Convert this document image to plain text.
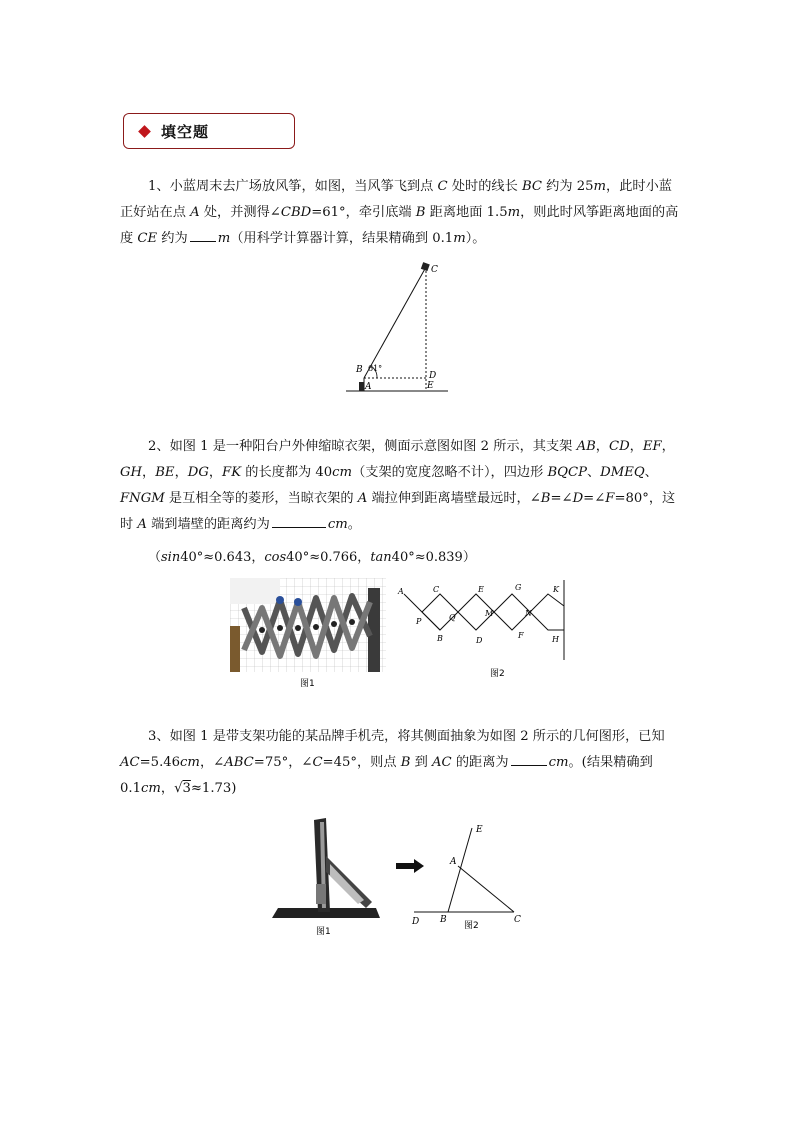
填空题

1、小蓝周末去广场放风筝，如图，当风筝飞到点 C 处时的线长 BC 约为 25m，此时小蓝正好站在点 A 处，并测得∠CBD=61°，牵引底端 B 距离地面 1.5m，则此时风筝距离地面的高度 CE 约为 m（用科学计算器计算，结果精确到 0.1m）。

C
B
A
D
E
61°

2、如图 1 是一种阳台户外伸缩晾衣架，侧面示意图如图 2 所示，其支架 AB，CD，EF，GH，BE，DG，FK 的长度都为 40cm（支架的宽度忽略不计），四边形 BQCP、DMEQ、FNGM 是互相全等的菱形，当晾衣架的 A 端拉伸到距离墙壁最远时，∠B=∠D=∠F=80°，这时 A 端到墙壁的距离约为	cm。

（sin40°≈0.643，cos40°≈0.766，tan40°≈0.839）
图1
A	C	E	G	K
P	Q	M	N
B	D
F	H
图2

3、如图 1 是带支架功能的某品牌手机壳，将其侧面抽象为如图 2 所示的几何图形，已知 AC=5.46cm，∠ABC=75°，∠C=45°，则点 B 到 AC 的距离为	cm。(结果精确到 0.1cm，√3≈1.73)

图1
E
A
D B	C
图2
